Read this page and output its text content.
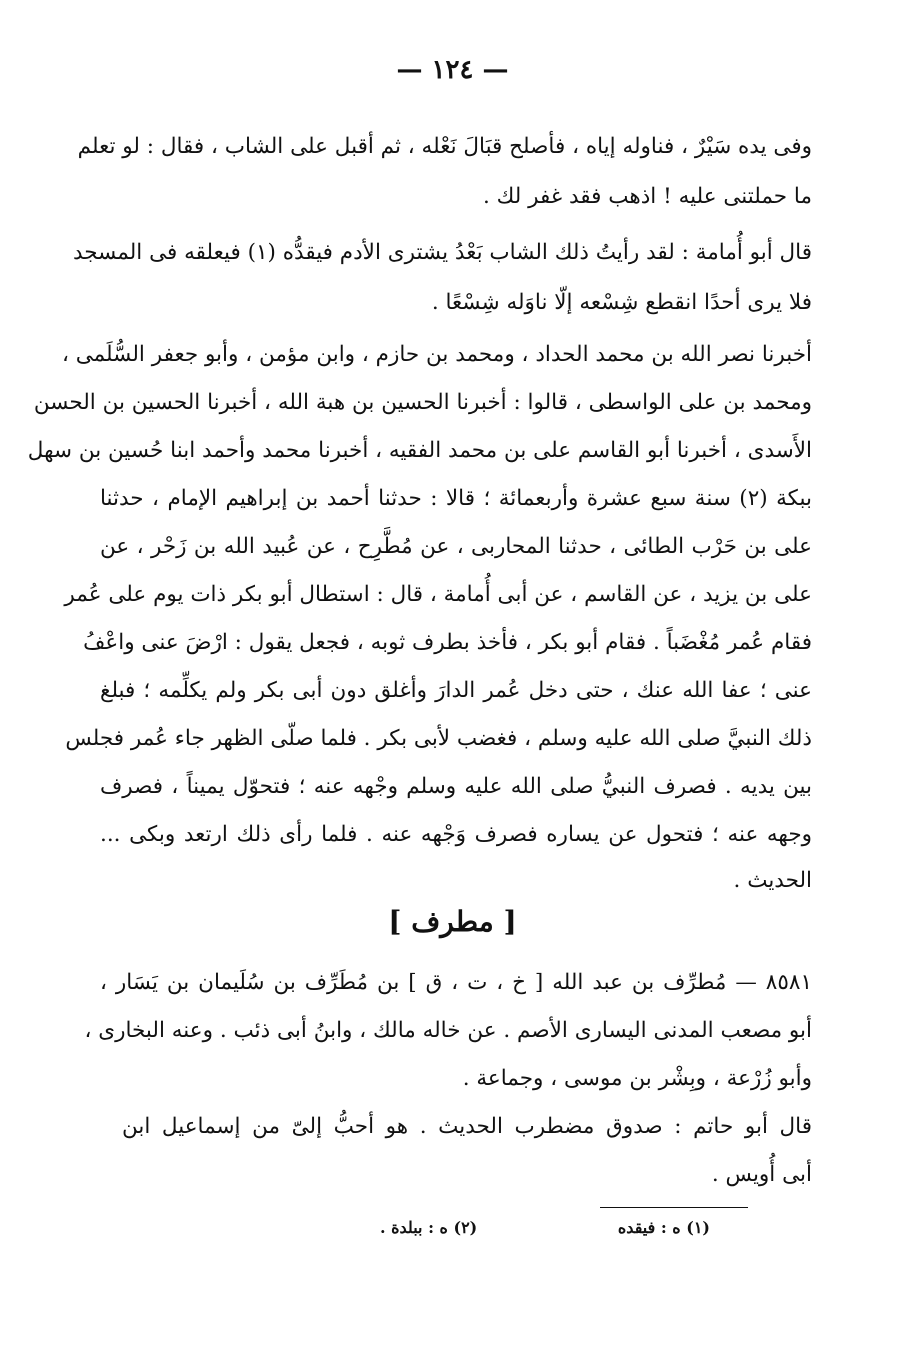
— ١٢٤ —
وفى يده سَيْرٌ ، فناوله إياه ، فأصلح قبَالَ نَعْله ، ثم أقبل على الشاب ، فقال : لو تعلم
ما حملتنى عليه ! اذهب فقد غفر لك .
قال أبو أُمامة : لقد رأيتُ ذلك الشاب بَعْدُ يشترى الأدم فيقدُّه (١) فيعلقه فى المسجد
فلا يرى أحدًا انقطع شِسْعه إلّا ناوَله شِسْعًا .
أخبرنا نصر الله بن محمد الحداد ، ومحمد بن حازم ، وابن مؤمن ، وأبو جعفر السُّلَمى ،
ومحمد بن على الواسطى ، قالوا : أخبرنا الحسين بن هبة الله ، أخبرنا الحسين بن الحسن
الأَسدى ، أخبرنا أبو القاسم على بن محمد الفقيه ، أخبرنا محمد وأحمد ابنا حُسين بن سهل
ببكة (٢) سنة سبع عشرة وأربعمائة ؛ قالا : حدثنا أحمد بن إبراهيم الإمام ، حدثنا
على بن حَرْب الطائى ، حدثنا المحاربى ، عن مُطَّرِح ، عن عُبيد الله بن زَحْر ، عن
على بن يزيد ، عن القاسم ، عن أبى أُمامة ، قال : استطال أبو بكر ذات يوم على عُمر
فقام عُمر مُغْضَباً . فقام أبو بكر ، فأخذ بطرف ثوبه ، فجعل يقول : ارْضَ عنى واعْفُ
عنى ؛ عفا الله عنك ، حتى دخل عُمر الدارَ وأغلق دون أبى بكر ولم يكلِّمه ؛ فبلغ
ذلك النبيَّ صلى الله عليه وسلم ، فغضب لأبى بكر . فلما صلّى الظهر جاء عُمر فجلس
بين يديه . فصرف النبيُّ صلى الله عليه وسلم وجْهه عنه ؛ فتحوّل يميناً ، فصرف
وجهه عنه ؛ فتحول عن يساره فصرف وَجْهه عنه . فلما رأى ذلك ارتعد وبكى ...
الحديث .
[ مطرف ]
٨٥٨١ — مُطرِّف بن عبد الله [ خ ، ت ، ق ] بن مُطَرِّف بن سُلَيمان بن يَسَار ،
أبو مصعب المدنى اليسارى الأصم . عن خاله مالك ، وابنُ أبى ذئب . وعنه البخارى ،
وأبو زُرْعة ، وبِشْر بن موسى ، وجماعة .
قال أبو حاتم : صدوق مضطرب الحديث . هو أحبُّ إلىّ من إسماعيل ابن
أبى أُويس .
(١) ه : فيقده
(٢) ه : ببلدة .
